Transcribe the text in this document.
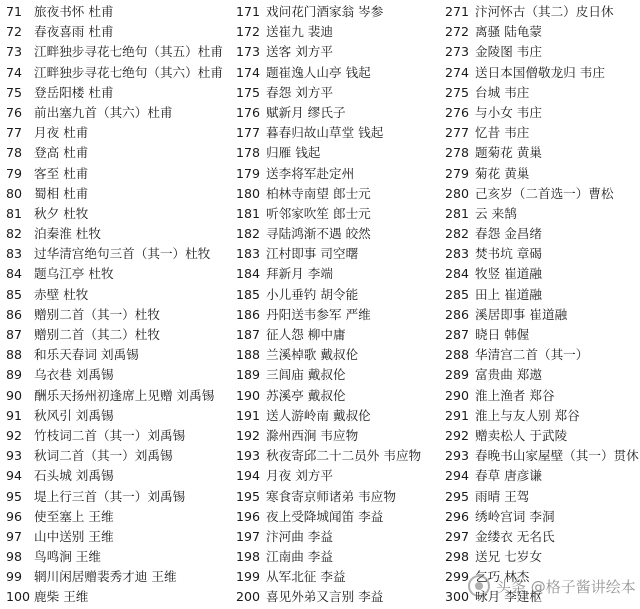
71 旅夜书怀 杜甫
72 春夜喜雨 杜甫
73 江畔独步寻花七绝句（其五）杜甫
74 江畔独步寻花七绝句（其六）杜甫
75 登岳阳楼 杜甫
76 前出塞九首（其六）杜甫
77 月夜 杜甫
78 登高 杜甫
79 客至 杜甫
80 蜀相 杜甫
81 秋夕 杜牧
82 泊秦淮 杜牧
83 过华清宫绝句三首（其一）杜牧
84 题乌江亭 杜牧
85 赤壁 杜牧
86 赠别二首（其一）杜牧
87 赠别二首（其二）杜牧
88 和乐天春词 刘禹锡
89 乌衣巷 刘禹锡
90 酬乐天扬州初逢席上见赠 刘禹锡
91 秋风引 刘禹锡
92 竹枝词二首（其一）刘禹锡
93 秋词二首（其一）刘禹锡
94 石头城 刘禹锡
95 堤上行三首（其一）刘禹锡
96 使至塞上 王维
97 山中送别 王维
98 鸟鸣涧 王维
99 辋川闲居赠裴秀才迪 王维
100 鹿柴 王维
171 戏问花门酒家翁 岑参
172 送崔九 裴迪
173 送客 刘方平
174 题崔逸人山亭 钱起
175 春怨 刘方平
176 赋新月 缪氏子
177 暮春归故山草堂 钱起
178 归雁 钱起
179 送李将军赴定州
180 柏林寺南望 郎士元
181 听邻家吹笙 郎士元
182 寻陆鸿渐不遇 皎然
183 江村即事 司空曙
184 拜新月 李端
185 小儿垂钓 胡令能
186 丹阳送韦参军 严维
187 征人怨 柳中庸
188 兰溪棹歌 戴叔伦
189 三闾庙 戴叔伦
190 苏溪亭 戴叔伦
191 送人游岭南 戴叔伦
192 滁州西涧 韦应物
193 秋夜寄邱二十二员外 韦应物
194 月夜 刘方平
195 寒食寄京师诸弟 韦应物
196 夜上受降城闻笛 李益
197 汴河曲 李益
198 江南曲 李益
199 从军北征 李益
200 喜见外弟又言别 李益
271 汴河怀古（其二）皮日休
272 离骚 陆龟蒙
273 金陵图 韦庄
274 送日本国僧敬龙归 韦庄
275 台城 韦庄
276 与小女 韦庄
277 忆昔 韦庄
278 题菊花 黄巢
279 菊花 黄巢
280 己亥岁（二首选一）曹松
281 云 来鹄
282 春怨 金昌绪
283 焚书坑 章碣
284 牧竖 崔道融
285 田上 崔道融
286 溪居即事 崔道融
287 晓日 韩偓
288 华清宫二首（其一）
289 富贵曲 郑遨
290 淮上渔者 郑谷
291 淮上与友人别 郑谷
292 赠卖松人 于武陵
293 春晚书山家屋壁（其一）贯休
294 春草 唐彦谦
295 雨晴 王驾
296 绣岭宫词 李洞
297 金缕衣 无名氏
298 送兄 七岁女
299 乞巧 林杰
300 咏月 李建枢
头条 @格子酱讲绘本
